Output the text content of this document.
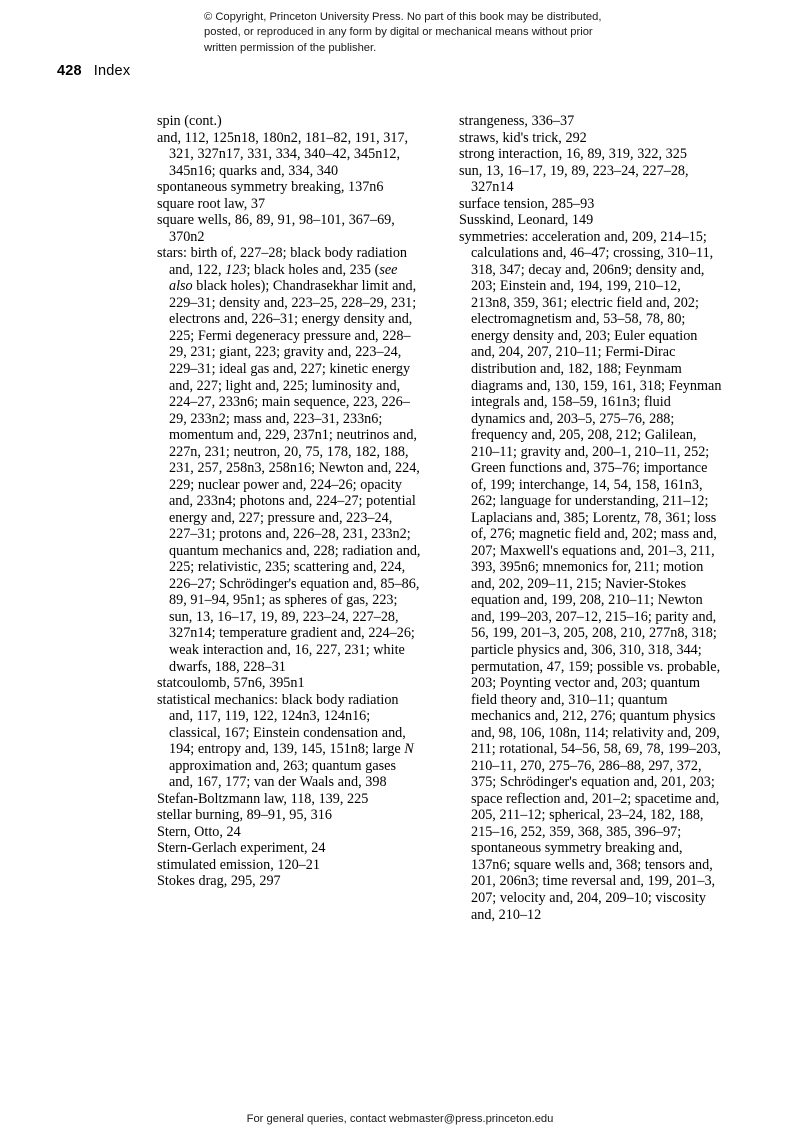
© Copyright, Princeton University Press. No part of this book may be distributed, posted, or reproduced in any form by digital or mechanical means without prior written permission of the publisher.
428 Index

spin (cont.)

and, 112, 125n18, 180n2, 181–82, 191, 317, 321, 327n17, 331, 334, 340–42, 345n12, 345n16; quarks and, 334, 340

spontaneous symmetry breaking, 137n6

square root law, 37

square wells, 86, 89, 91, 98–101, 367–69, 370n2

stars: birth of, 227–28; black body radiation and, 122, 123; black holes and, 235 (see also black holes); Chandrasekhar limit and, 229–31; density and, 223–25, 228–29, 231; electrons and, 226–31; energy density and, 225; Fermi degeneracy pressure and, 228–29, 231; giant, 223; gravity and, 223–24, 229–31; ideal gas and, 227; kinetic energy and, 227; light and, 225; luminosity and, 224–27, 233n6; main sequence, 223, 226–29, 233n2; mass and, 223–31, 233n6; momentum and, 229, 237n1; neutrinos and, 227n, 231; neutron, 20, 75, 178, 182, 188, 231, 257, 258n3, 258n16; Newton and, 224, 229; nuclear power and, 224–26; opacity and, 233n4; photons and, 224–27; potential energy and, 227; pressure and, 223–24, 227–31; protons and, 226–28, 231, 233n2; quantum mechanics and, 228; radiation and, 225; relativistic, 235; scattering and, 224, 226–27; Schrödinger's equation and, 85–86, 89, 91–94, 95n1; as spheres of gas, 223; sun, 13, 16–17, 19, 89, 223–24, 227–28, 327n14; temperature gradient and, 224–26; weak interaction and, 16, 227, 231; white dwarfs, 188, 228–31

statcoulomb, 57n6, 395n1

statistical mechanics: black body radiation and, 117, 119, 122, 124n3, 124n16; classical, 167; Einstein condensation and, 194; entropy and, 139, 145, 151n8; large N approximation and, 263; quantum gases and, 167, 177; van der Waals and, 398

Stefan-Boltzmann law, 118, 139, 225

stellar burning, 89–91, 95, 316

Stern, Otto, 24

Stern-Gerlach experiment, 24

stimulated emission, 120–21

Stokes drag, 295, 297

strangeness, 336–37

straws, kid's trick, 292

strong interaction, 16, 89, 319, 322, 325

sun, 13, 16–17, 19, 89, 223–24, 227–28, 327n14

surface tension, 285–93

Susskind, Leonard, 149

symmetries: acceleration and, 209, 214–15; calculations and, 46–47; crossing, 310–11, 318, 347; decay and, 206n9; density and, 203; Einstein and, 194, 199, 210–12, 213n8, 359, 361; electric field and, 202; electromagnetism and, 53–58, 78, 80; energy density and, 203; Euler equation and, 204, 207, 210–11; Fermi-Dirac distribution and, 182, 188; Feynmam diagrams and, 130, 159, 161, 318; Feynman integrals and, 158–59, 161n3; fluid dynamics and, 203–5, 275–76, 288; frequency and, 205, 208, 212; Galilean, 210–11; gravity and, 200–1, 210–11, 252; Green functions and, 375–76; importance of, 199; interchange, 14, 54, 158, 161n3, 262; language for understanding, 211–12; Laplacians and, 385; Lorentz, 78, 361; loss of, 276; magnetic field and, 202; mass and, 207; Maxwell's equations and, 201–3, 211, 393, 395n6; mnemonics for, 211; motion and, 202, 209–11, 215; Navier-Stokes equation and, 199, 208, 210–11; Newton and, 199–203, 207–12, 215–16; parity and, 56, 199, 201–3, 205, 208, 210, 277n8, 318; particle physics and, 306, 310, 318, 344; permutation, 47, 159; possible vs. probable, 203; Poynting vector and, 203; quantum field theory and, 310–11; quantum mechanics and, 212, 276; quantum physics and, 98, 106, 108n, 114; relativity and, 209, 211; rotational, 54–56, 58, 69, 78, 199–203, 210–11, 270, 275–76, 286–88, 297, 372, 375; Schrödinger's equation and, 201, 203; space reflection and, 201–2; spacetime and, 205, 211–12; spherical, 23–24, 182, 188, 215–16, 252, 359, 368, 385, 396–97; spontaneous symmetry breaking and, 137n6; square wells and, 368; tensors and, 201, 206n3; time reversal and, 199, 201–3, 207; velocity and, 204, 209–10; viscosity and, 210–12

For general queries, contact webmaster@press.princeton.edu
